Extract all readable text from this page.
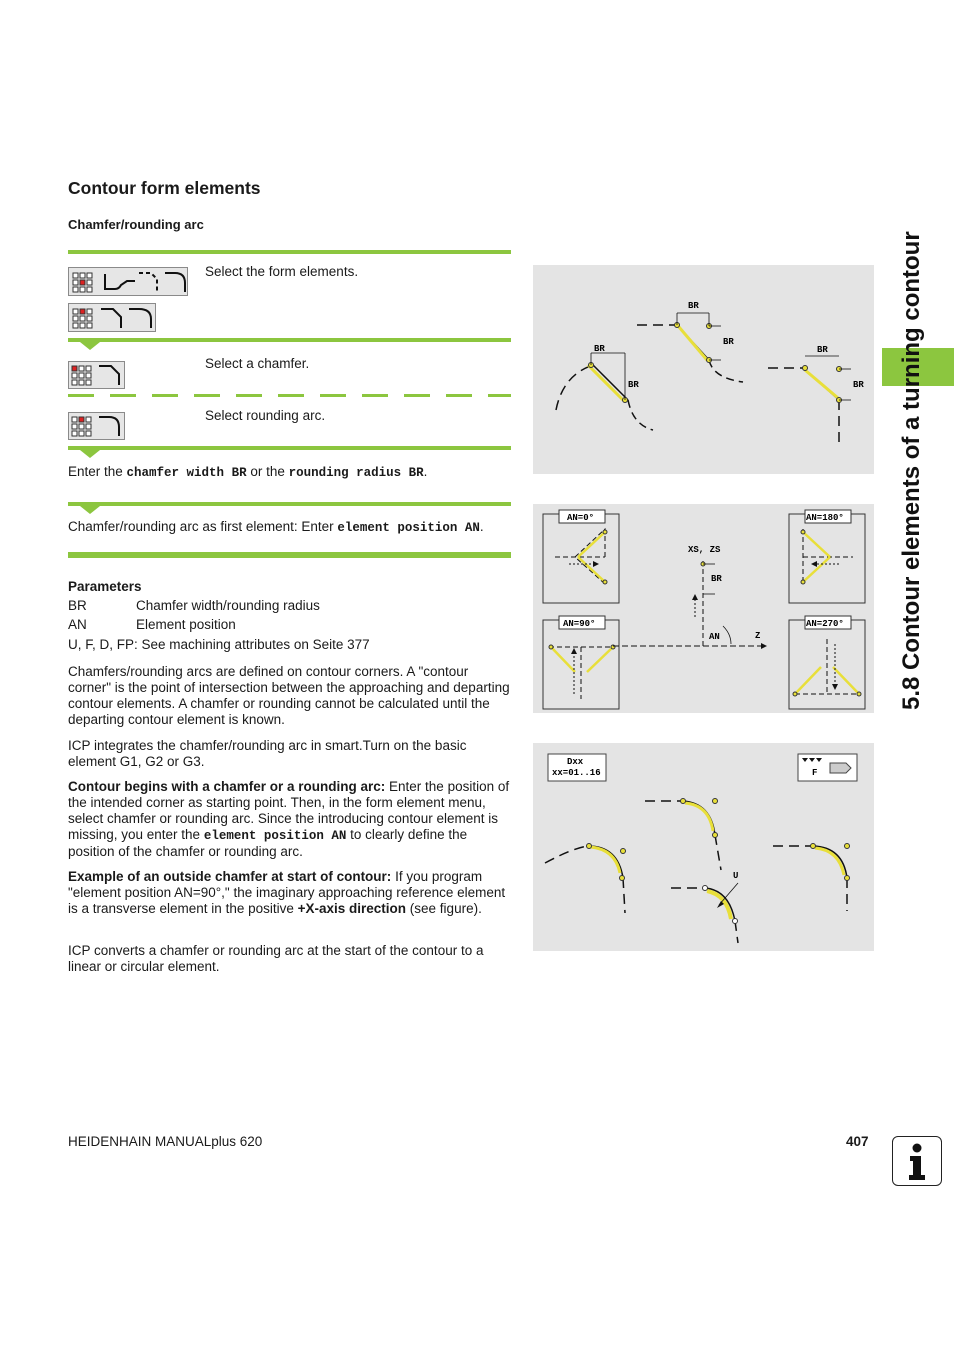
5.8 Contour elements of a turning contour
Contour form elements
Chamfer/rounding arc
Select the form elements.
Select a chamfer.
Select rounding arc.
Enter the chamfer width BR or the rounding radius BR.
Chamfer/rounding arc as first element: Enter element position AN.
Parameters
BR	Chamfer width/rounding radius
AN	Element position
U, F, D, FP: See machining attributes on Seite 377

Chamfers/rounding arcs are defined on contour corners. A "contour corner" is the point of intersection between the approaching and departing contour elements. A chamfer or rounding cannot be calculated until the departing contour element is known.

ICP integrates the chamfer/rounding arc in smart.Turn on the basic element G1, G2 or G3.

Contour begins with a chamfer or a rounding arc: Enter the position of the intended corner as starting point. Then, in the form element menu, select chamfer or rounding arc. Since the introducing contour element is missing, you enter the element position AN to clearly define the position of the chamfer or rounding arc.

Example of an outside chamfer at start of contour: If you program "element position AN=90°," the imaginary approaching reference element is a transverse element in the positive +X-axis direction (see figure).

ICP converts a chamfer or rounding arc at the start of the contour to a linear or circular element.

BR
BR
BR
BR
BR
BR
AN=0°	AN=180°
AN=90°	AN=270°
XS, ZS
BR
AN	Z
Dxx
xx=01..16	F
U
HEIDENHAIN MANUALplus 620	407
